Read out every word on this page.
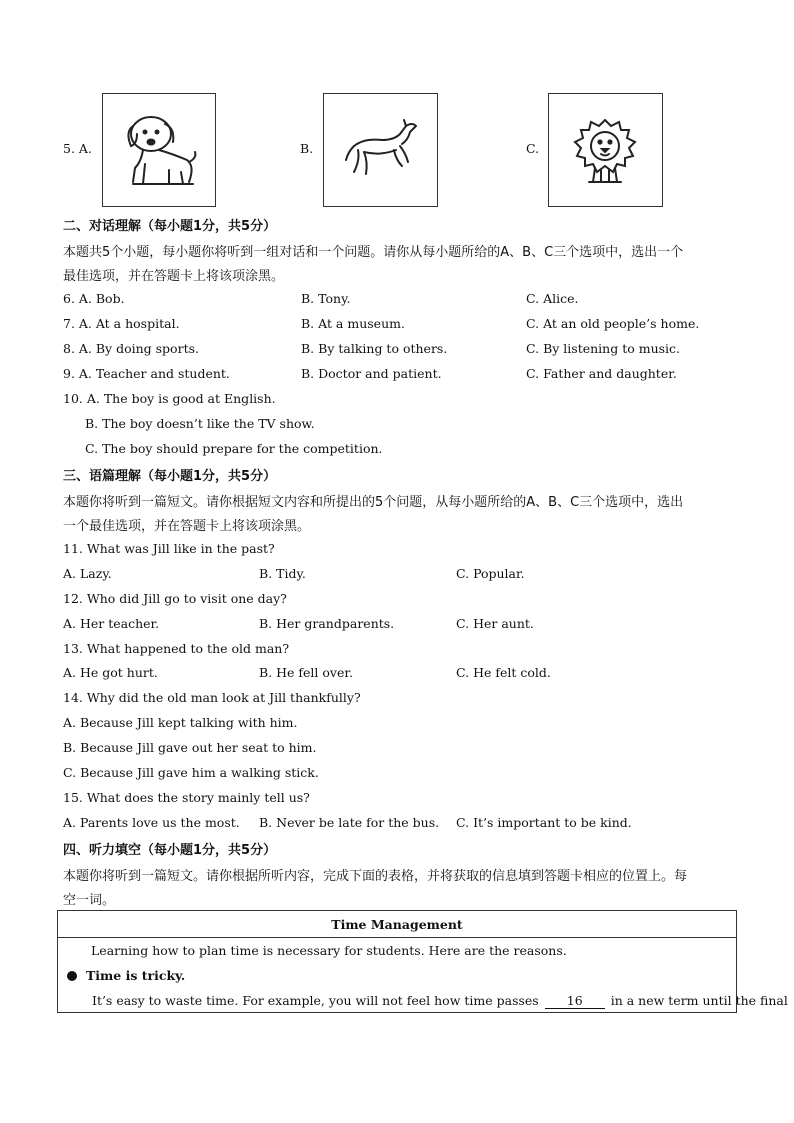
5. A.	B.	C.
二、对话理解（每小题1分，共5分）
本题共5个小题，每小题你将听到一组对话和一个问题。请你从每小题所给的A、B、C三个选项中，选出一个
最佳选项，并在答题卡上将该项涂黑。
6. A. Bob.	B. Tony.	C. Alice.
7. A. At a hospital.	B. At a museum.	C. At an old people’s home.
8. A. By doing sports.	B. By talking to others.	C. By listening to music.
9. A. Teacher and student.	B. Doctor and patient.	C. Father and daughter.
10. A. The boy is good at English.
B. The boy doesn’t like the TV show.
C. The boy should prepare for the competition.
三、语篇理解（每小题1分，共5分）
本题你将听到一篇短文。请你根据短文内容和所提出的5个问题，从每小题所给的A、B、C三个选项中，选出
一个最佳选项，并在答题卡上将该项涂黑。
11. What was Jill like in the past?
A. Lazy.	B. Tidy.	C. Popular.
12. Who did Jill go to visit one day?
A. Her teacher.	B. Her grandparents.	C. Her aunt.
13. What happened to the old man?
A. He got hurt.	B. He fell over.	C. He felt cold.
14. Why did the old man look at Jill thankfully?
A. Because Jill kept talking with him.
B. Because Jill gave out her seat to him.
C. Because Jill gave him a walking stick.
15. What does the story mainly tell us?
A. Parents love us the most. B. Never be late for the bus. C. It’s important to be kind.
四、听力填空（每小题1分，共5分）
本题你将听到一篇短文。请你根据所听内容，完成下面的表格，并将获取的信息填到答题卡相应的位置上。每
空一词。
Time Management

Learning how to plan time is necessary for students. Here are the reasons.
Time is tricky.
It’s easy to waste time. For example, you will not feel how time passes 16 in a new term until the final
